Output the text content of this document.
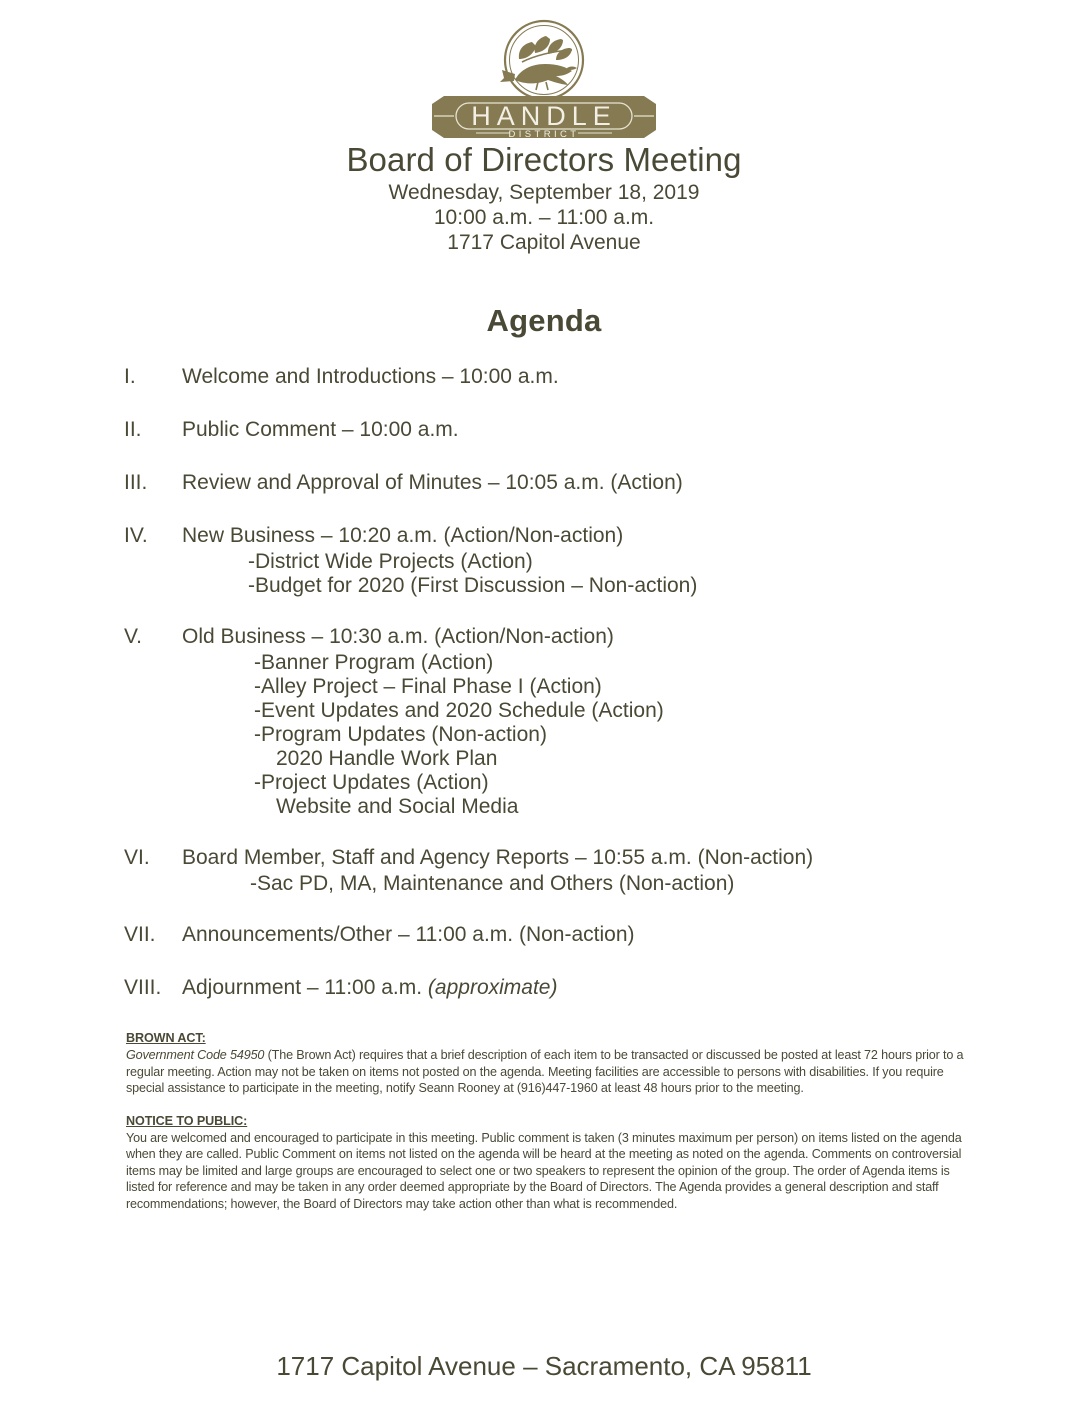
HANDLE
DISTRICT
Board of Directors Meeting
Wednesday, September 18, 2019
10:00 a.m. – 11:00 a.m.
1717 Capitol Avenue
Agenda
I.	Welcome and Introductions – 10:00 a.m.
II.	Public Comment – 10:00 a.m.
III.	Review and Approval of Minutes – 10:05 a.m. (Action)
IV.	New Business – 10:20 a.m. (Action/Non-action)
-District Wide Projects (Action)
-Budget for 2020 (First Discussion – Non-action)
V.	Old Business – 10:30 a.m. (Action/Non-action)
-Banner Program (Action)
-Alley Project – Final Phase I (Action)
-Event Updates and 2020 Schedule (Action)
-Program Updates (Non-action)
2020 Handle Work Plan
-Project Updates (Action)
Website and Social Media
VI.	Board Member, Staff and Agency Reports – 10:55 a.m. (Non-action)
-Sac PD, MA, Maintenance and Others (Non-action)
VII.	Announcements/Other – 11:00 a.m. (Non-action)
VIII. Adjournment – 11:00 a.m. (approximate)
BROWN ACT:
Government Code 54950 (The Brown Act) requires that a brief description of each item to be transacted or discussed be posted at least 72 hours prior to a regular meeting. Action may not be taken on items not posted on the agenda. Meeting facilities are accessible to persons with disabilities. If you require special assistance to participate in the meeting, notify Seann Rooney at (916)447-1960 at least 48 hours prior to the meeting.
NOTICE TO PUBLIC:
You are welcomed and encouraged to participate in this meeting. Public comment is taken (3 minutes maximum per person) on items listed on the agenda when they are called. Public Comment on items not listed on the agenda will be heard at the meeting as noted on the agenda. Comments on controversial items may be limited and large groups are encouraged to select one or two speakers to represent the opinion of the group. The order of Agenda items is listed for reference and may be taken in any order deemed appropriate by the Board of Directors. The Agenda provides a general description and staff recommendations; however, the Board of Directors may take action other than what is recommended.
1717 Capitol Avenue – Sacramento, CA 95811
